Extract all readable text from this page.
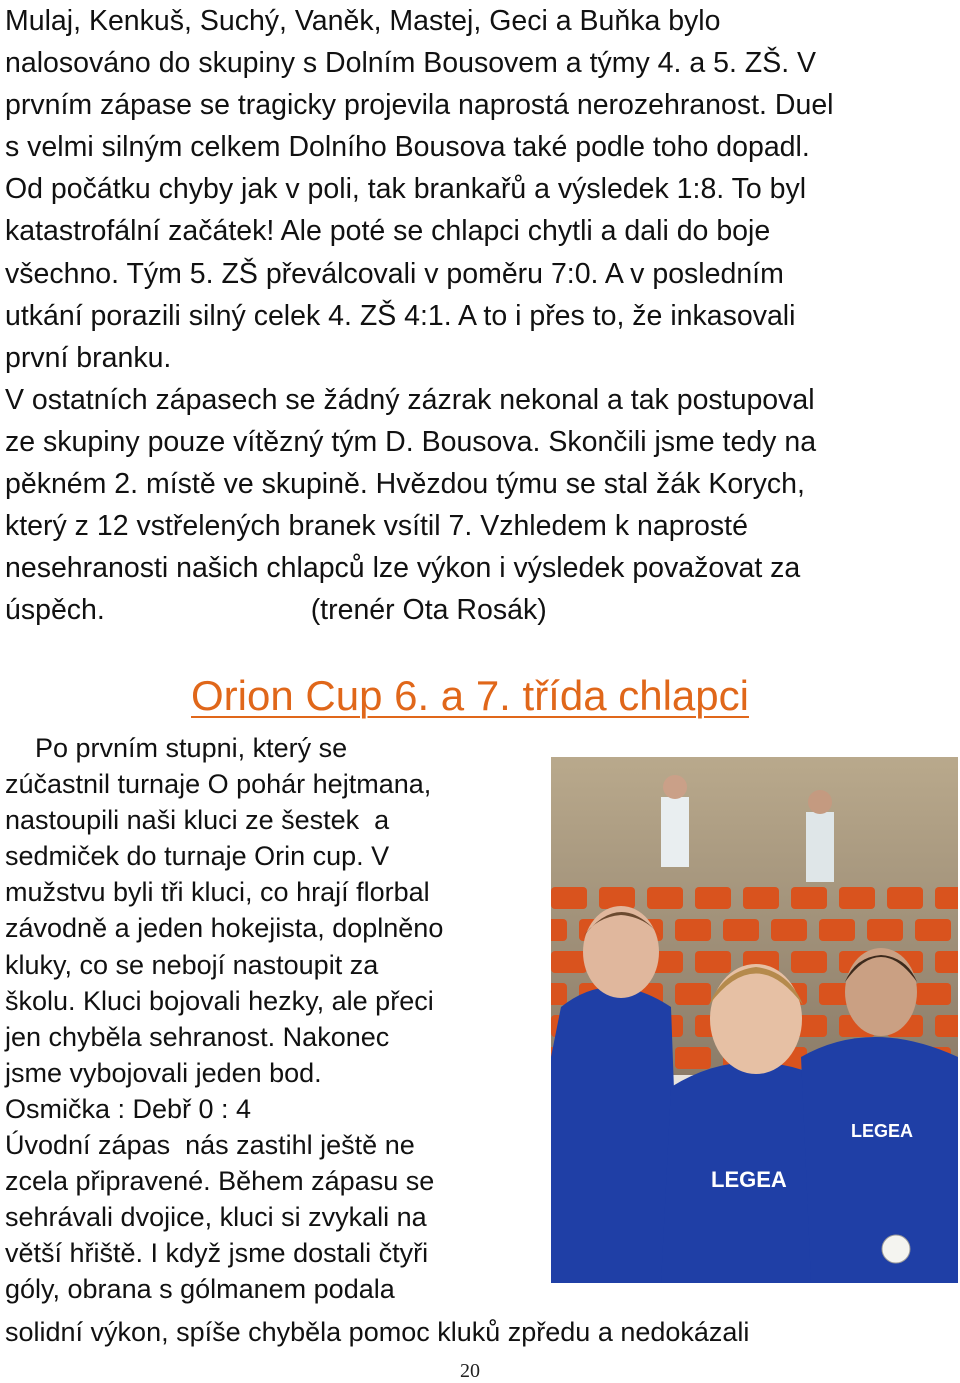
Mulaj, Kenkuš, Suchý, Vaněk, Mastej, Geci a Buňka bylo
nalosováno do skupiny s Dolním Bousovem a týmy 4. a 5. ZŠ. V
prvním zápase se tragicky projevila naprostá nerozehranost. Duel
s velmi silným celkem Dolního Bousova také podle toho dopadl.
Od počátku chyby jak v poli, tak brankařů a výsledek 1:8. To byl
katastrofální začátek! Ale poté se chlapci chytli a dali do boje
všechno. Tým 5. ZŠ převálcovali v poměru 7:0. A v posledním
utkání porazili silný celek 4. ZŠ 4:1. A to i přes to, že inkasovali
první branku.
V ostatních zápasech se žádný zázrak nekonal a tak postupoval
ze skupiny pouze vítězný tým D. Bousova. Skončili jsme tedy na
pěkném 2. místě ve skupině. Hvězdou týmu se stal žák Korych,
který z 12 vstřelených branek vsítil 7. Vzhledem k naprosté
nesehranosti našich chlapců lze výkon i výsledek považovat za
úspěch.                          (trenér Ota Rosák)
Orion Cup 6. a 7. třída chlapci
Po prvním stupni, který se
zúčastnil turnaje O pohár hejtmana,
nastoupili naši kluci ze šestek  a
sedmiček do turnaje Orin cup. V
mužstvu byli tři kluci, co hrají florbal
závodně a jeden hokejista, doplněno
kluky, co se nebojí nastoupit za
školu. Kluci bojovali hezky, ale přeci
jen chyběla sehranost. Nakonec
jsme vybojovali jeden bod.
Osmička : Debř 0 : 4
Úvodní zápas  nás zastihl ještě ne
zcela připravené. Během zápasu se
sehrávali dvojice, kluci si zvykali na
větší hřiště. I když jsme dostali čtyři
góly, obrana s gólmanem podala
solidní výkon, spíše chyběla pomoc kluků zpředu a nedokázali
LEGEA
LEGEA
20
